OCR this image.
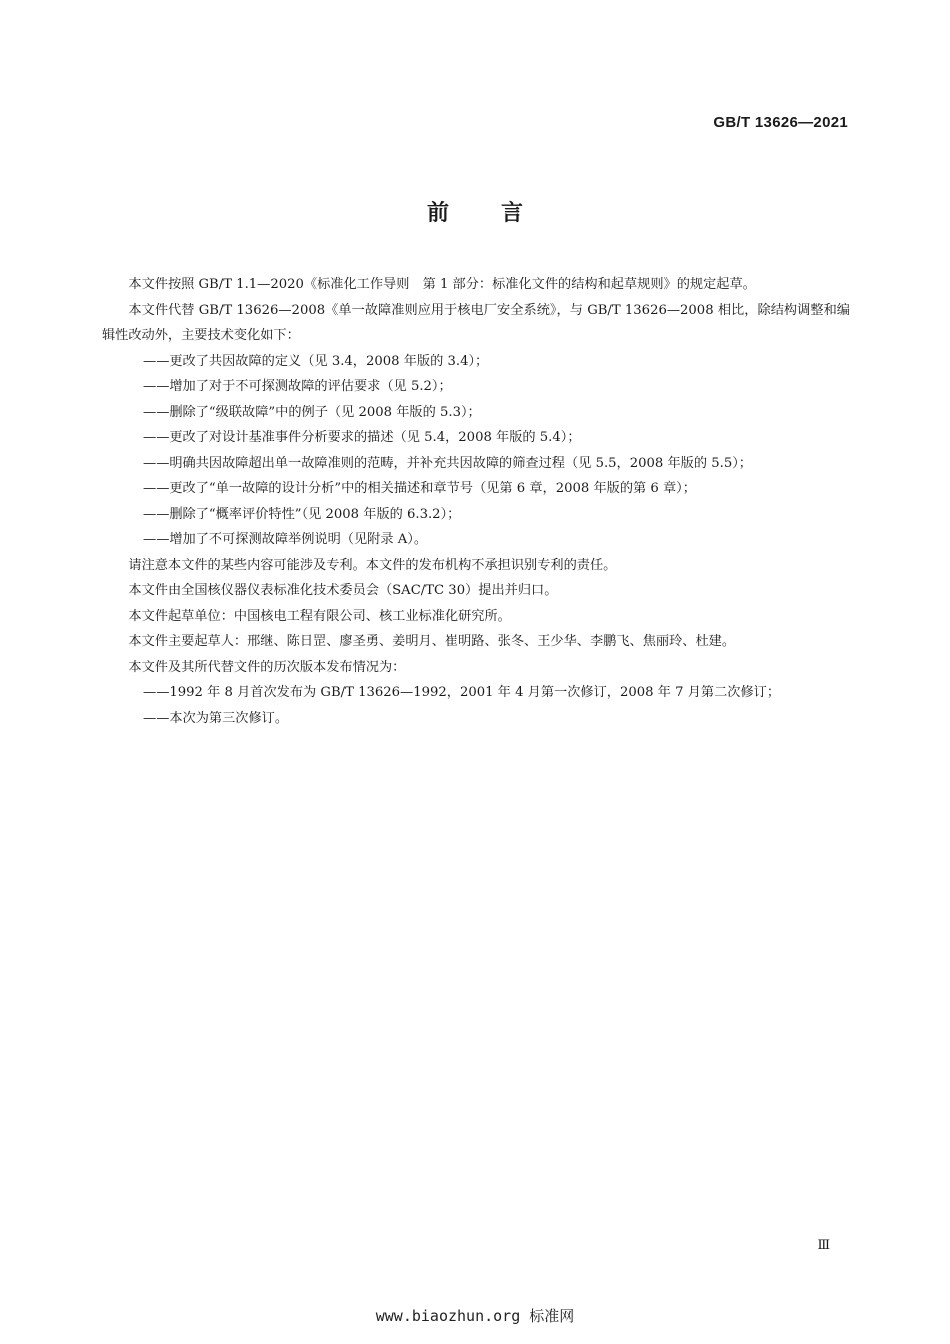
GB/T 13626—2021
前言
本文件按照 GB/T 1.1—2020《标准化工作导则　第 1 部分：标准化文件的结构和起草规则》的规定起草。
本文件代替 GB/T 13626—2008《单一故障准则应用于核电厂安全系统》，与 GB/T 13626—2008 相比，除结构调整和编辑性改动外，主要技术变化如下：
——更改了共因故障的定义（见 3.4，2008 年版的 3.4）；
——增加了对于不可探测故障的评估要求（见 5.2）；
——删除了“级联故障”中的例子（见 2008 年版的 5.3）；
——更改了对设计基准事件分析要求的描述（见 5.4，2008 年版的 5.4）；
——明确共因故障超出单一故障准则的范畴，并补充共因故障的筛查过程（见 5.5，2008 年版的 5.5）；
——更改了“单一故障的设计分析”中的相关描述和章节号（见第 6 章，2008 年版的第 6 章）；
——删除了“概率评价特性”（见 2008 年版的 6.3.2）；
——增加了不可探测故障举例说明（见附录 A）。
请注意本文件的某些内容可能涉及专利。本文件的发布机构不承担识别专利的责任。
本文件由全国核仪器仪表标准化技术委员会（SAC/TC 30）提出并归口。
本文件起草单位：中国核电工程有限公司、核工业标准化研究所。
本文件主要起草人：邢继、陈日罡、廖圣勇、姜明月、崔明路、张冬、王少华、李鹏飞、焦丽玲、杜建。
本文件及其所代替文件的历次版本发布情况为：
——1992 年 8 月首次发布为 GB/T 13626—1992，2001 年 4 月第一次修订，2008 年 7 月第二次修订；
——本次为第三次修订。
Ⅲ
www.biaozhun.org 标准网
